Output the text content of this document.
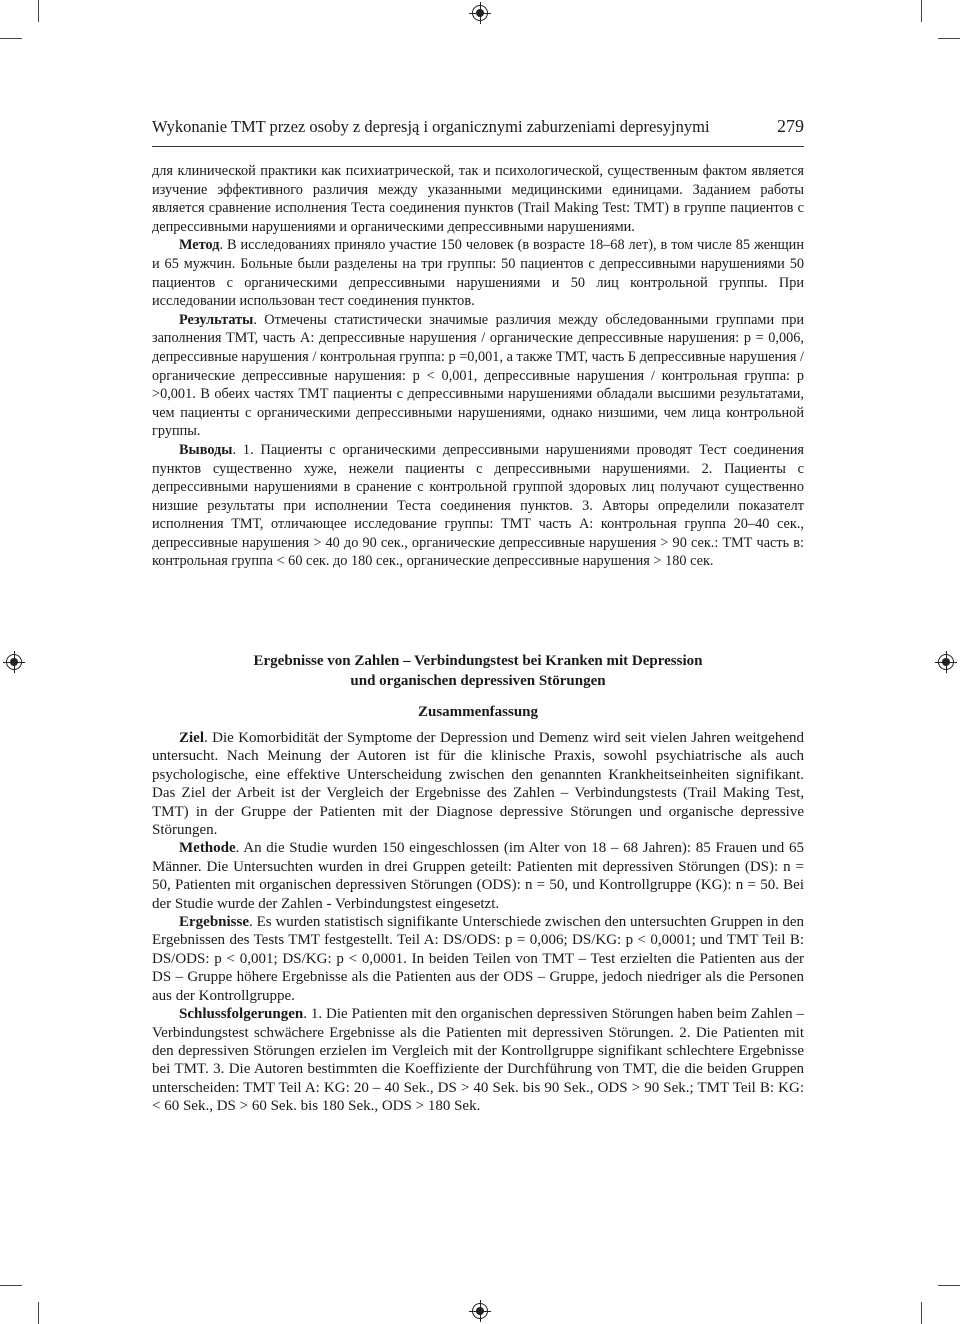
Wykonanie TMT przez osoby z depresją i organicznymi zaburzeniami depresyjnymi	279

для клинической практики как психиатрической, так и психологической, существенным фактом является изучение эффективного различия между указанными медицинскими единицами. Заданием работы является сравнение исполнения Теста соединения пунктов (Trail Making Test: TMT) в группе пациентов с депрессивными нарушениями и органическими депрессивными нарушениями.

Метод. В исследованиях приняло участие 150 человек (в возрасте 18–68 лет), в том числе 85 женщин и 65 мужчин. Больные были разделены на три группы: 50 пациентов с депрессивными нарушениями 50 пациентов с органическими депрессивными нарушениями и 50 лиц контрольной группы. При исследовании использован тест соединения пунктов.

Результаты. Отмечены статистически значимые различия между обследованными группами при заполнения ТМТ, часть А: депрессивные нарушения / органические депрессивные нарушения: p = 0,006, депрессивные нарушения / контрольная группа: p =0,001, а также ТМТ, часть Б депрессивные нарушения /органические депрессивные нарушения: p < 0,001, депрессивные нарушения / контрольная группа: p >0,001. В обеих частях ТМТ пациенты с депрессивными нарушениями обладали высшими результатами, чем пациенты с органическими депрессивными нарушениями, однако низшими, чем лица контрольной группы.

Выводы. 1. Пациенты с органическими депрессивными нарушениями проводят Тест соединения пунктов существенно хуже, нежели пациенты с депрессивными нарушениями. 2. Пациенты с депрессивными нарушениями в сранение с контрольной группой здоровых лиц получают существенно низшие результаты при исполнении Теста соединения пунктов. 3. Авторы определили показателт исполнения ТМТ, отличающее исследование группы: ТМТ часть А: контрольная группа 20–40 сек., депрессивные нарушения > 40 до 90 сек., органические депрессивные нарушения > 90 сек.: ТМТ часть в: контрольная группа < 60 сек. до 180 сек., органические депрессивные нарушения > 180 сек.

Ergebnisse von Zahlen – Verbindungstest bei Kranken mit Depression
und organischen depressiven Störungen
Zusammenfassung

Ziel. Die Komorbidität der Symptome der Depression und Demenz wird seit vielen Jahren weitgehend untersucht. Nach Meinung der Autoren ist für die klinische Praxis, sowohl psychiatrische als auch psychologische, eine effektive Unterscheidung zwischen den genannten Krankheitseinheiten signifikant. Das Ziel der Arbeit ist der Vergleich der Ergebnisse des Zahlen – Verbindungstests (Trail Making Test, TMT) in der Gruppe der Patienten mit der Diagnose depressive Störungen und organische depressive Störungen.

Methode. An die Studie wurden 150 eingeschlossen (im Alter von 18 – 68 Jahren): 85 Frauen und 65 Männer. Die Untersuchten wurden in drei Gruppen geteilt: Patienten mit depressiven Störungen (DS): n = 50, Patienten mit organischen depressiven Störungen (ODS): n = 50, und Kontrollgruppe (KG): n = 50. Bei der Studie wurde der Zahlen - Verbindungstest eingesetzt.

Ergebnisse. Es wurden statistisch signifikante Unterschiede zwischen den untersuchten Gruppen in den Ergebnissen des Tests TMT festgestellt. Teil A: DS/ODS: p = 0,006; DS/KG: p < 0,0001; und TMT Teil B: DS/ODS: p < 0,001; DS/KG: p < 0,0001. In beiden Teilen von TMT – Test erzielten die Patienten aus der DS – Gruppe höhere Ergebnisse als die Patienten aus der ODS – Gruppe, jedoch niedriger als die Personen aus der Kontrollgruppe.

Schlussfolgerungen. 1. Die Patienten mit den organischen depressiven Störungen haben beim Zahlen – Verbindungstest schwächere Ergebnisse als die Patienten mit depressiven Störungen. 2. Die Patienten mit den depressiven Störungen erzielen im Vergleich mit der Kontrollgruppe signifikant schlechtere Ergebnisse bei TMT. 3. Die Autoren bestimmten die Koeffiziente der Durchführung von TMT, die die beiden Gruppen unterscheiden: TMT Teil A: KG: 20 – 40 Sek., DS > 40 Sek. bis 90 Sek., ODS > 90 Sek.; TMT Teil B: KG: < 60 Sek., DS > 60 Sek. bis 180 Sek., ODS > 180 Sek.
